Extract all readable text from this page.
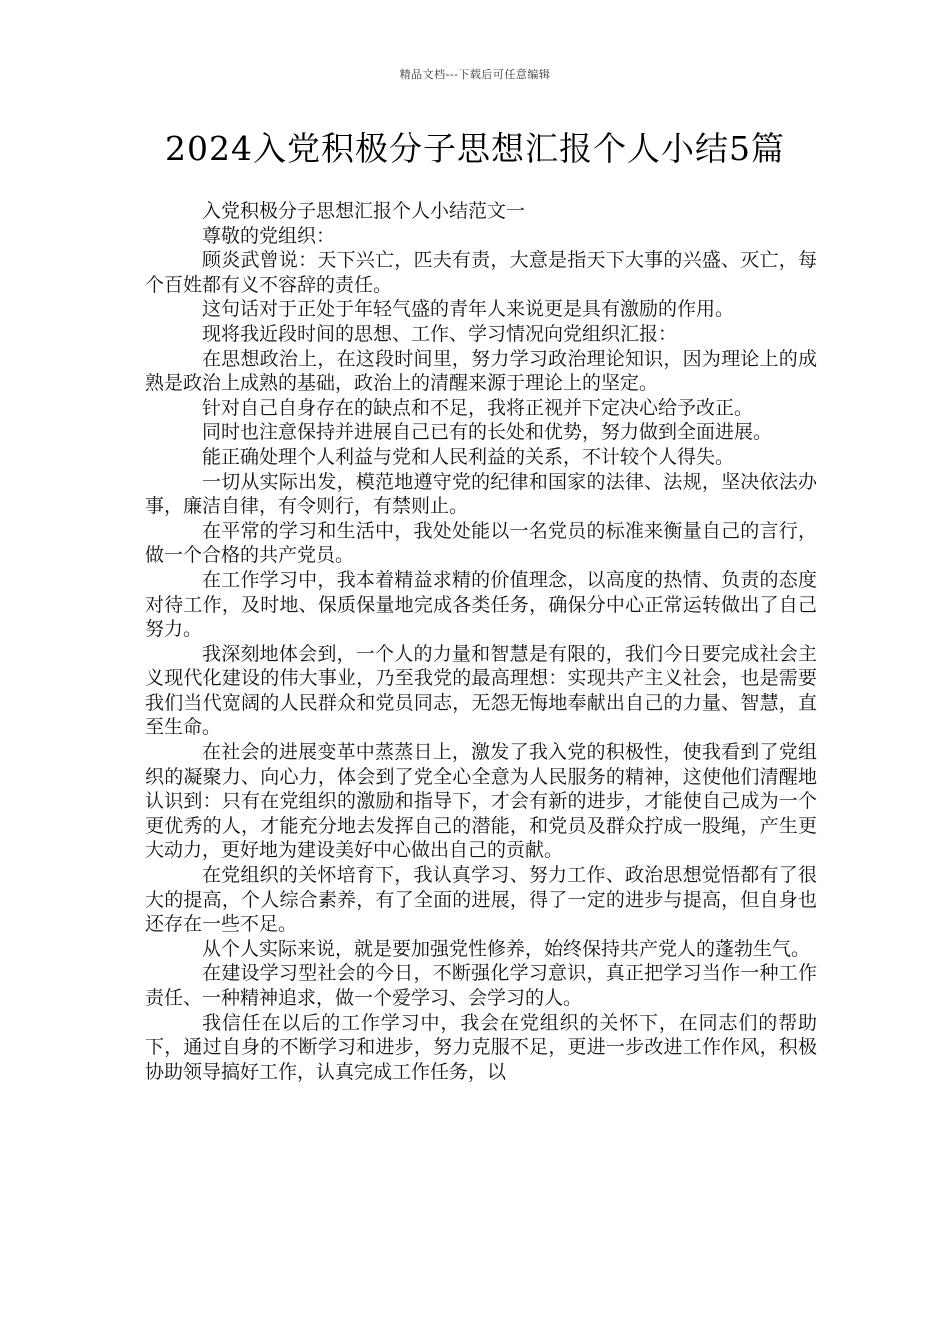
精品文档---下载后可任意编辑
2024入党积极分子思想汇报个人小结5篇

入党积极分子思想汇报个人小结范文一

尊敬的党组织：

顾炎武曾说：天下兴亡，匹夫有责，大意是指天下大事的兴盛、灭亡，每个百姓都有义不容辞的责任。

这句话对于正处于年轻气盛的青年人来说更是具有激励的作用。

现将我近段时间的思想、工作、学习情况向党组织汇报：

在思想政治上，在这段时间里，努力学习政治理论知识，因为理论上的成熟是政治上成熟的基础，政治上的清醒来源于理论上的坚定。

针对自己自身存在的缺点和不足，我将正视并下定决心给予改正。

同时也注意保持并进展自己已有的长处和优势，努力做到全面进展。

能正确处理个人利益与党和人民利益的关系，不计较个人得失。

一切从实际出发，模范地遵守党的纪律和国家的法律、法规，坚决依法办事，廉洁自律，有令则行，有禁则止。

在平常的学习和生活中，我处处能以一名党员的标准来衡量自己的言行，做一个合格的共产党员。

在工作学习中，我本着精益求精的价值理念，以高度的热情、负责的态度对待工作，及时地、保质保量地完成各类任务，确保分中心正常运转做出了自己努力。

我深刻地体会到，一个人的力量和智慧是有限的，我们今日要完成社会主义现代化建设的伟大事业，乃至我党的最高理想：实现共产主义社会，也是需要我们当代宽阔的人民群众和党员同志，无怨无悔地奉献出自己的力量、智慧，直至生命。

在社会的进展变革中蒸蒸日上，激发了我入党的积极性，使我看到了党组织的凝聚力、向心力，体会到了党全心全意为人民服务的精神，这使他们清醒地认识到：只有在党组织的激励和指导下，才会有新的进步，才能使自己成为一个更优秀的人，才能充分地去发挥自己的潜能，和党员及群众拧成一股绳，产生更大动力，更好地为建设美好中心做出自己的贡献。

在党组织的关怀培育下，我认真学习、努力工作、政治思想觉悟都有了很大的提高，个人综合素养，有了全面的进展，得了一定的进步与提高，但自身也还存在一些不足。

从个人实际来说，就是要加强党性修养，始终保持共产党人的蓬勃生气。

在建设学习型社会的今日，不断强化学习意识，真正把学习当作一种工作责任、一种精神追求，做一个爱学习、会学习的人。

我信任在以后的工作学习中，我会在党组织的关怀下，在同志们的帮助下，通过自身的不断学习和进步，努力克服不足，更进一步改进工作作风，积极协助领导搞好工作，认真完成工作任务，以
